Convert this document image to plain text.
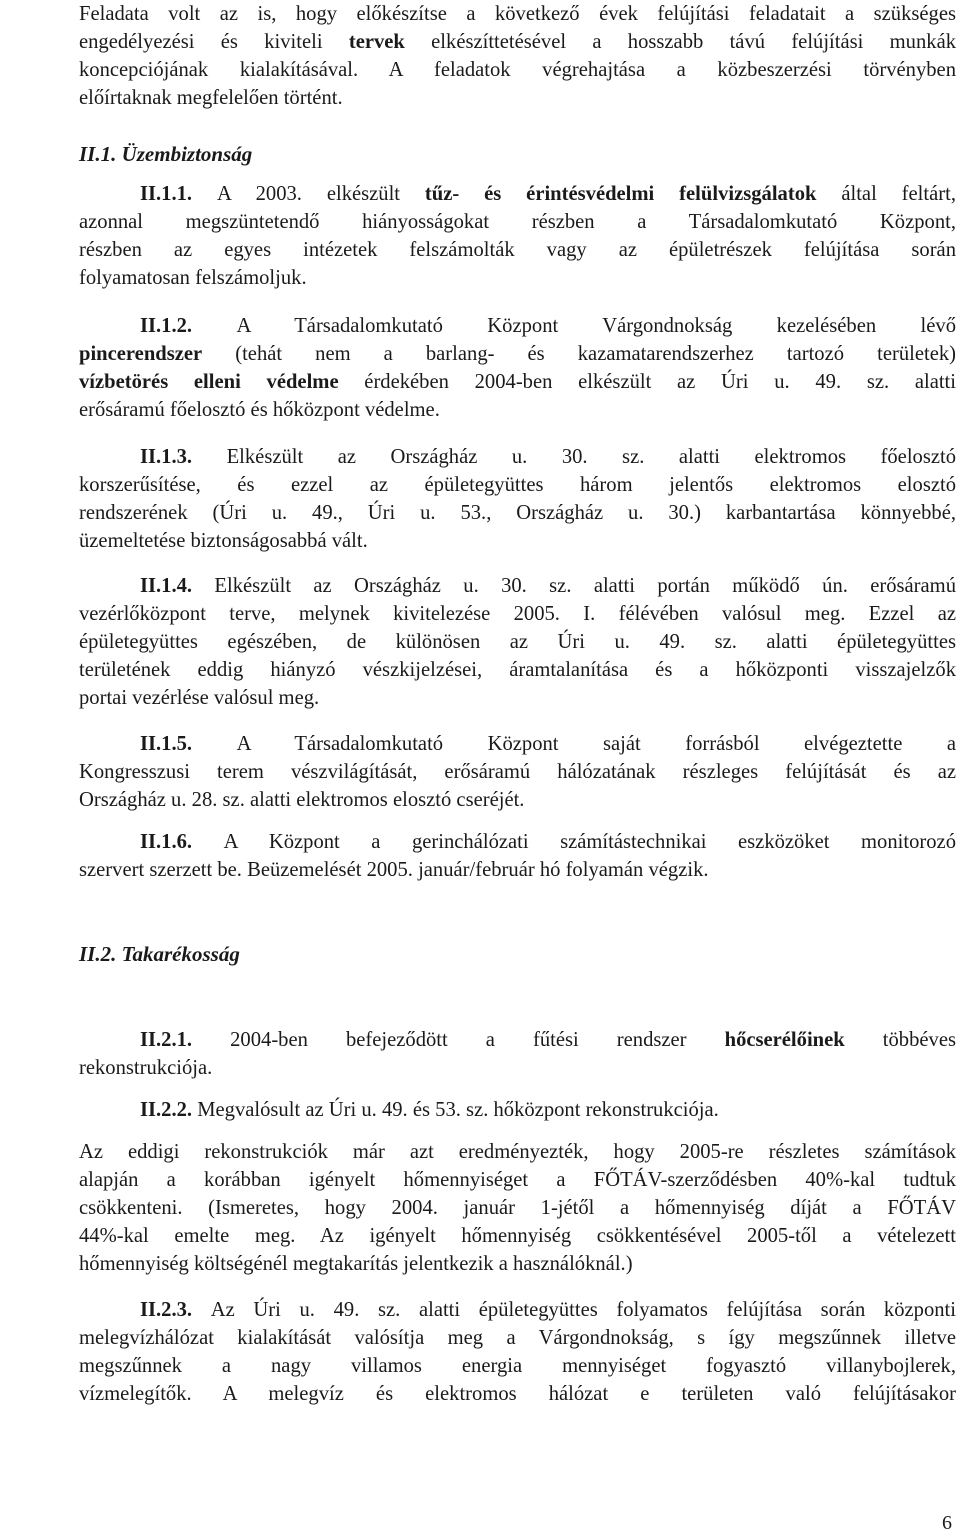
Feladata volt az is, hogy előkészítse a következő évek felújítási feladatait a szükséges
engedélyezési és kiviteli tervek elkészíttetésével a hosszabb távú felújítási munkák
koncepciójának kialakításával. A feladatok végrehajtása a közbeszerzési törvényben
előírtaknak megfelelően történt.
II.1. Üzembiztonság
II.1.1. A 2003. elkészült tűz- és érintésvédelmi felülvizsgálatok által feltárt,
azonnal megszüntetendő hiányosságokat részben a Társadalomkutató Központ,
részben az egyes intézetek felszámolták vagy az épületrészek felújítása során
folyamatosan felszámoljuk.
II.1.2. A Társadalomkutató Központ Várgondnokság kezelésében lévő
pincerendszer (tehát nem a barlang- és kazamatarendszerhez tartozó területek)
vízbetörés elleni védelme érdekében 2004-ben elkészült az Úri u. 49. sz. alatti
erősáramú főelosztó és hőközpont védelme.
II.1.3. Elkészült az Országház u. 30. sz. alatti elektromos főelosztó
korszerűsítése, és ezzel az épületegyüttes három jelentős elektromos elosztó
rendszerének (Úri u. 49., Úri u. 53., Országház u. 30.) karbantartása könnyebbé,
üzemeltetése biztonságosabbá vált.
II.1.4. Elkészült az Országház u. 30. sz. alatti portán működő ún. erősáramú
vezérlőközpont terve, melynek kivitelezése 2005. I. félévében valósul meg. Ezzel az
épületegyüttes egészében, de különösen az Úri u. 49. sz. alatti épületegyüttes
területének eddig hiányzó vészkijelzései, áramtalanítása és a hőközponti visszajelzők
portai vezérlése valósul meg.
II.1.5. A Társadalomkutató Központ saját forrásból elvégeztette a
Kongresszusi terem vészvilágítását, erősáramú hálózatának részleges felújítását és az
Országház u. 28. sz. alatti elektromos elosztó cseréjét.
II.1.6. A Központ a gerinchálózati számítástechnikai eszközöket monitorozó
szervert szerzett be. Beüzemelését 2005. január/február hó folyamán végzik.
II.2. Takarékosság
II.2.1. 2004-ben befejeződött a fűtési rendszer hőcserélőinek többéves
rekonstrukciója.
II.2.2. Megvalósult az Úri u. 49. és 53. sz. hőközpont rekonstrukciója.
Az eddigi rekonstrukciók már azt eredményezték, hogy 2005-re részletes számítások
alapján a korábban igényelt hőmennyiséget a FŐTÁV-szerződésben 40%-kal tudtuk
csökkenteni. (Ismeretes, hogy 2004. január 1-jétől a hőmennyiség díját a FŐTÁV
44%-kal emelte meg. Az igényelt hőmennyiség csökkentésével 2005-től a vételezett
hőmennyiség költségénél megtakarítás jelentkezik a használóknál.)
II.2.3. Az Úri u. 49. sz. alatti épületegyüttes folyamatos felújítása során központi
melegvízhálózat kialakítását valósítja meg a Várgondnokság, s így megszűnnek illetve
megszűnnek a nagy villamos energia mennyiséget fogyasztó villanybojlerek,
vízmelegítők. A melegvíz és elektromos hálózat e területen való felújításakor
6
